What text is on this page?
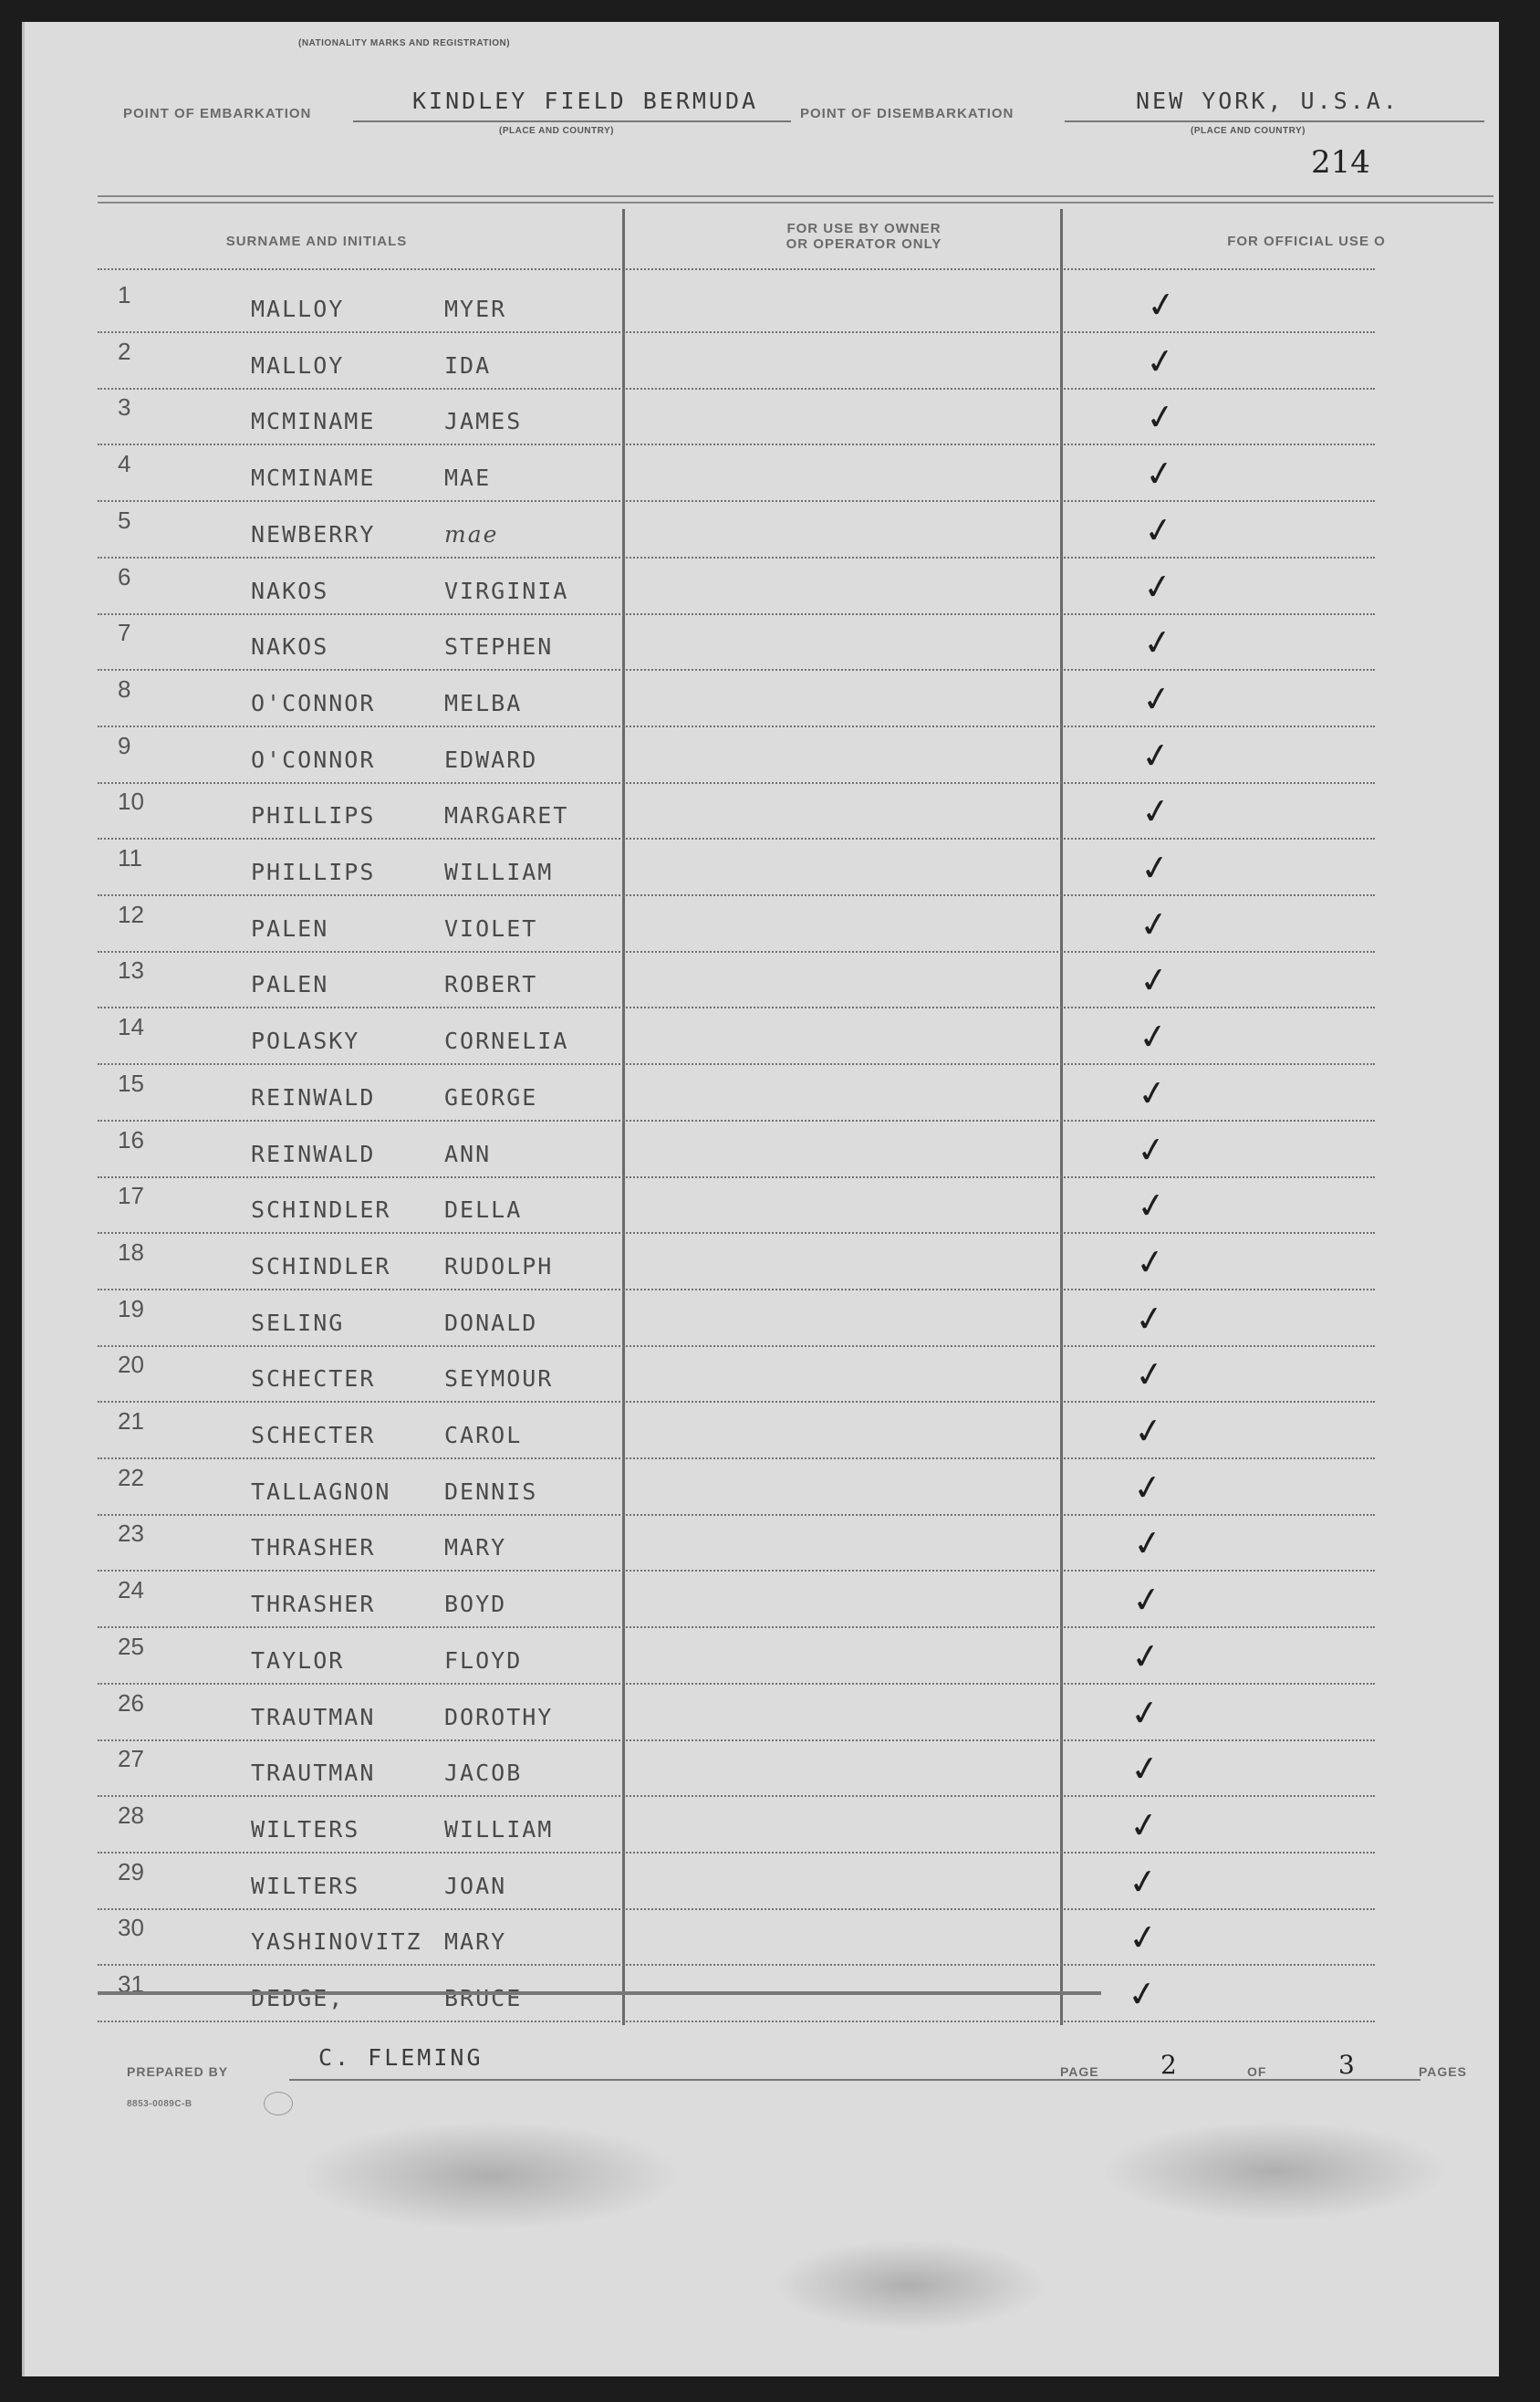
(NATIONALITY MARKS AND REGISTRATION)
POINT OF EMBARKATION	KINDLEY FIELD BERMUDA
(PLACE AND COUNTRY)
POINT OF DISEMBARKATION	NEW YORK, U.S.A.
(PLACE AND COUNTRY)
214
SURNAME AND INITIALS
FOR USE BY OWNER
OR OPERATOR ONLY	FOR OFFICIAL USE O
1
MALLOY	MYER	✓
2
MALLOY	IDA	✓
3
MCMINAME	JAMES	✓
4
MCMINAME	MAE	✓
5
NEWBERRY	mae	✓
6
NAKOS	VIRGINIA	✓
7
NAKOS	STEPHEN	✓
8
O'CONNOR	MELBA	✓
9
O'CONNOR	EDWARD	✓
10
PHILLIPS	MARGARET	✓
11
PHILLIPS	WILLIAM	✓
12
PALEN	VIOLET	✓
13
PALEN	ROBERT	✓
14
POLASKY	CORNELIA	✓
15
REINWALD	GEORGE	✓
16
REINWALD	ANN	✓
17
SCHINDLER DELLA	✓
18
SCHINDLER RUDOLPH	✓
19
SELING	DONALD	✓
20
SCHECTER	SEYMOUR	✓
21
SCHECTER	CAROL	✓
22
TALLAGNON DENNIS	✓
23
THRASHER	MARY	✓
24
THRASHER	BOYD	✓
25
TAYLOR	FLOYD	✓
26
TRAUTMAN	DOROTHY	✓
27
TRAUTMAN	JACOB	✓
28
WILTERS	WILLIAM	✓
29
WILTERS	JOAN	✓
30
YASHINOVITZ MARY	✓
31
DEDGE,	BRUCE	✓
PREPARED BY
C. FLEMING
PAGE 2	OF	3	PAGES
8853-0089C-B
